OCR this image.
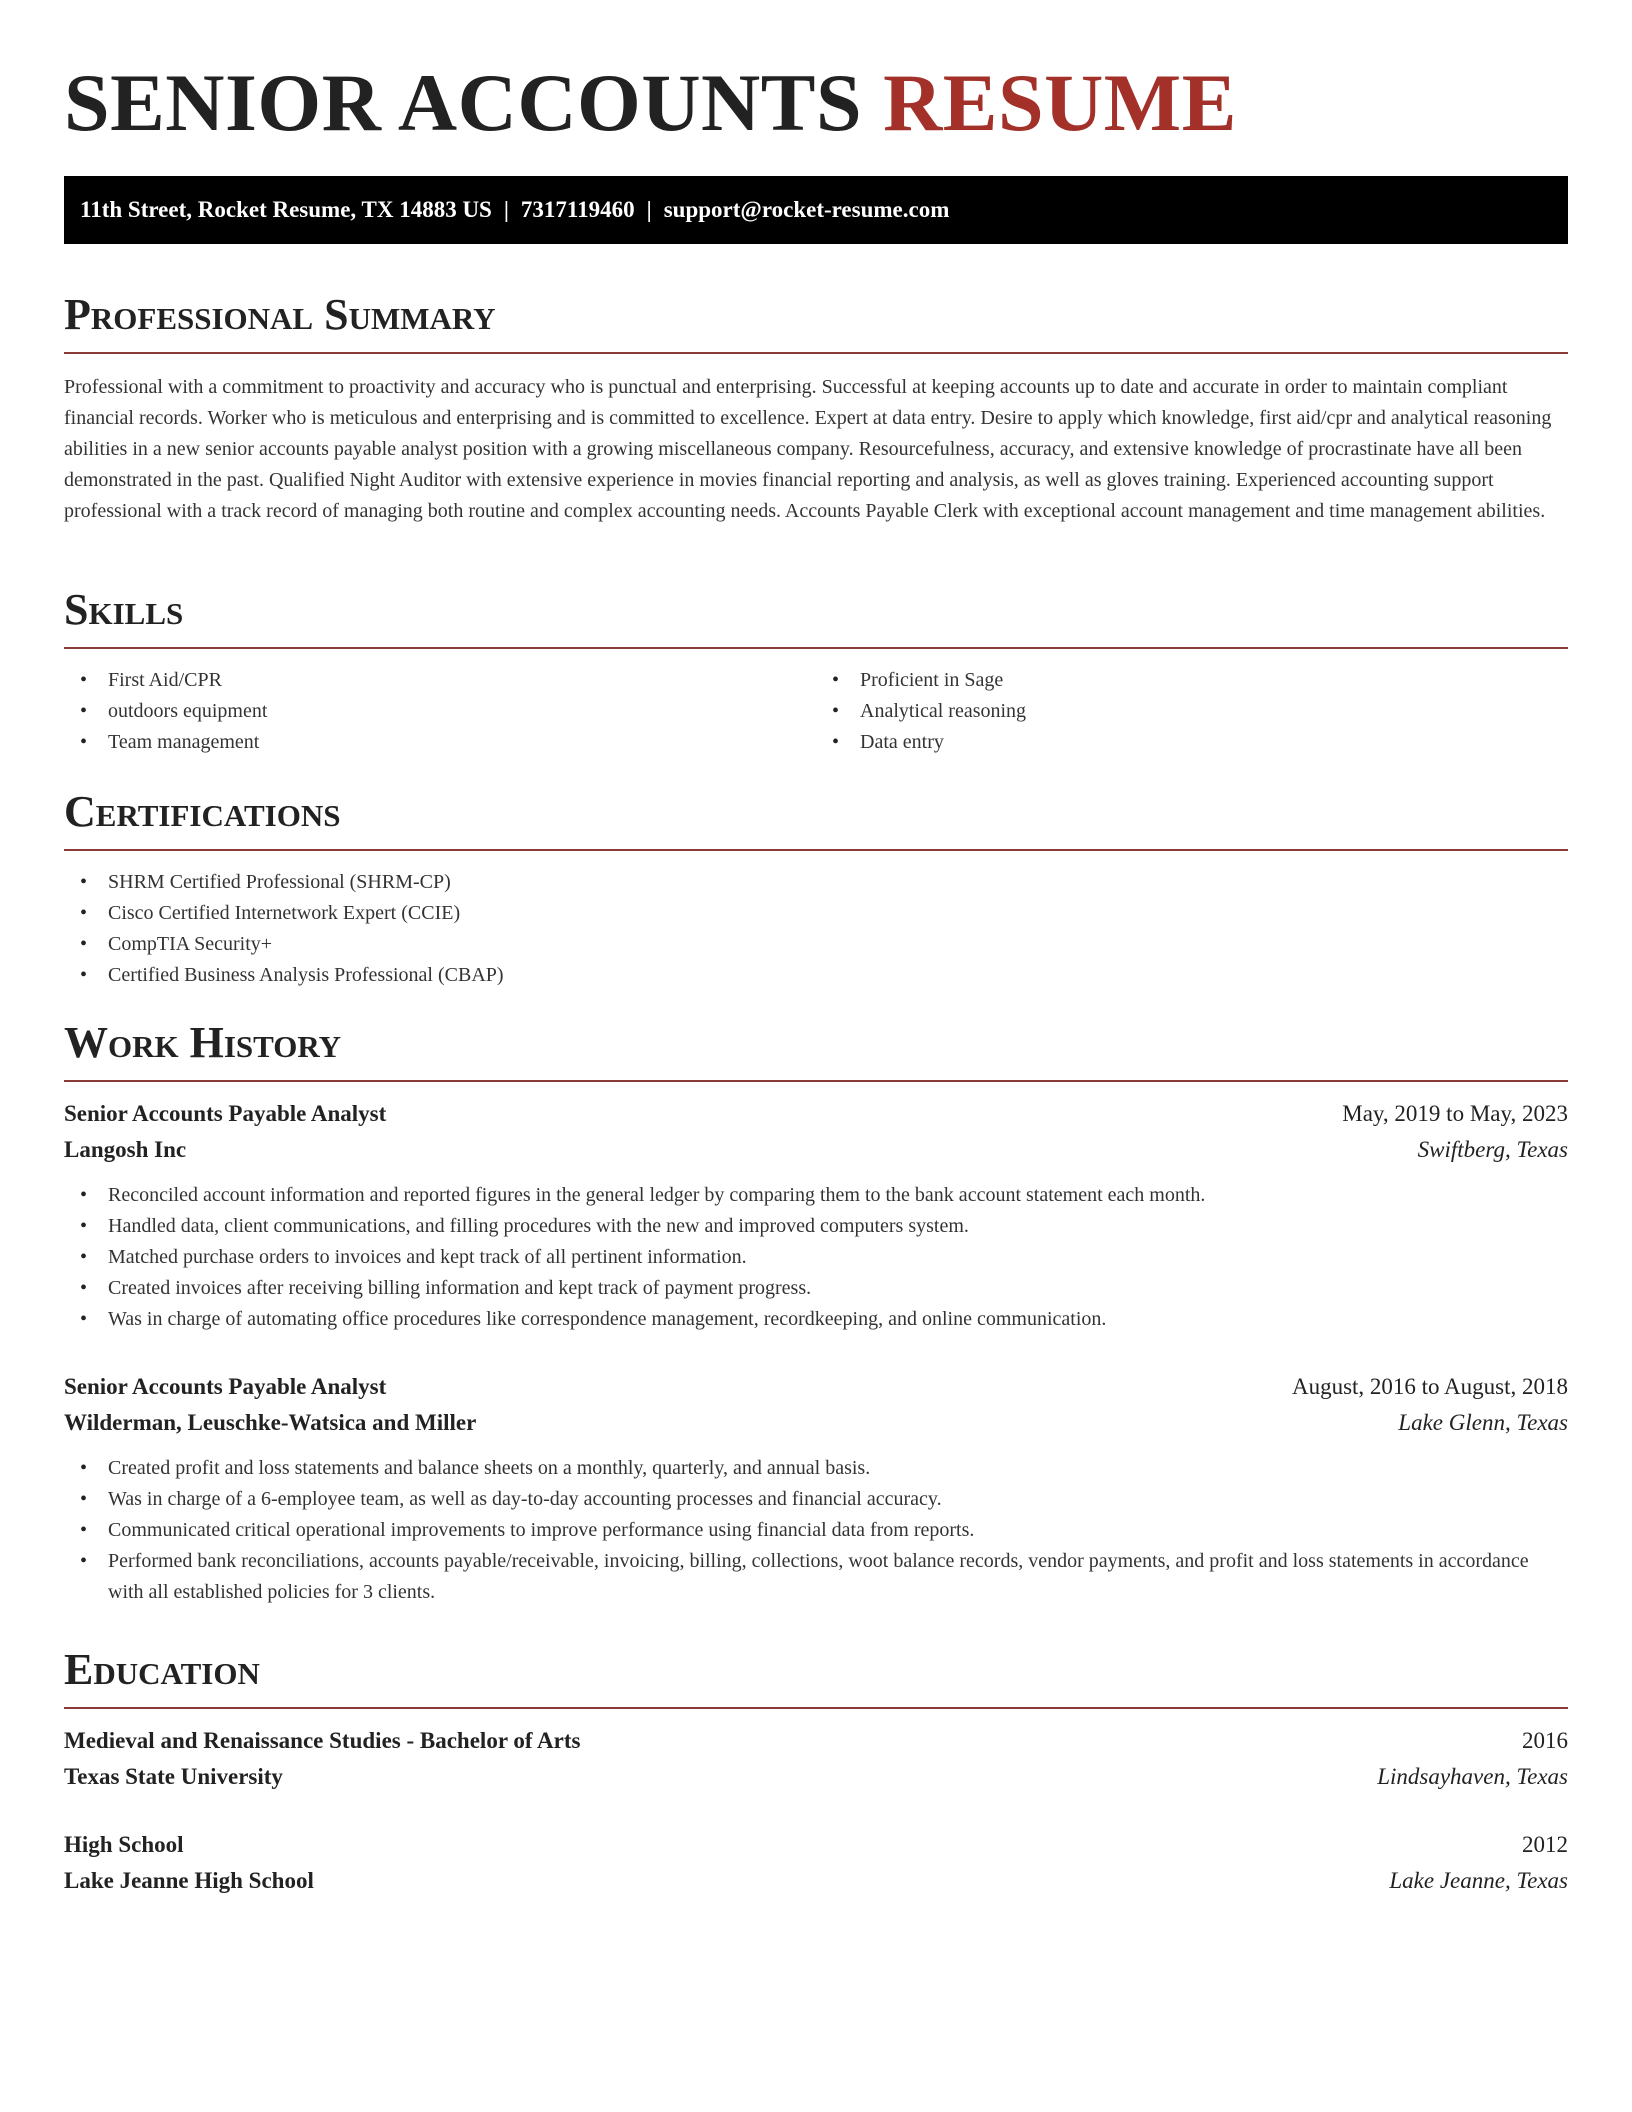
SENIOR ACCOUNTS RESUME
11th Street, Rocket Resume, TX 14883 US | 7317119460 | support@rocket-resume.com
Professional Summary

Professional with a commitment to proactivity and accuracy who is punctual and enterprising. Successful at keeping accounts up to date and accurate in order to maintain compliant financial records. Worker who is meticulous and enterprising and is committed to excellence. Expert at data entry. Desire to apply which knowledge, first aid/cpr and analytical reasoning abilities in a new senior accounts payable analyst position with a growing miscellaneous company. Resourcefulness, accuracy, and extensive knowledge of procrastinate have all been demonstrated in the past. Qualified Night Auditor with extensive experience in movies financial reporting and analysis, as well as gloves training. Experienced accounting support professional with a track record of managing both routine and complex accounting needs. Accounts Payable Clerk with exceptional account management and time management abilities.

Skills
• First Aid/CPR
• outdoors equipment
• Team management
• Proficient in Sage
• Analytical reasoning
• Data entry
Certifications
• SHRM Certified Professional (SHRM-CP)
• Cisco Certified Internetwork Expert (CCIE)
• CompTIA Security+
• Certified Business Analysis Professional (CBAP)
Work History
Senior Accounts Payable Analyst	May, 2019 to May, 2023
Langosh Inc	Swiftberg, Texas
• Reconciled account information and reported figures in the general ledger by comparing them to the bank account statement each month.
• Handled data, client communications, and filling procedures with the new and improved computers system.
• Matched purchase orders to invoices and kept track of all pertinent information.
• Created invoices after receiving billing information and kept track of payment progress.
• Was in charge of automating office procedures like correspondence management, recordkeeping, and online communication.
Senior Accounts Payable Analyst	August, 2016 to August, 2018
Wilderman, Leuschke-Watsica and Miller	Lake Glenn, Texas
• Created profit and loss statements and balance sheets on a monthly, quarterly, and annual basis.
• Was in charge of a 6-employee team, as well as day-to-day accounting processes and financial accuracy.
• Communicated critical operational improvements to improve performance using financial data from reports.
• Performed bank reconciliations, accounts payable/receivable, invoicing, billing, collections, woot balance records, vendor payments, and profit and loss statements in accordance with all established policies for 3 clients.
Education
Medieval and Renaissance Studies - Bachelor of Arts	2016
Texas State University	Lindsayhaven, Texas
High School	2012
Lake Jeanne High School	Lake Jeanne, Texas
